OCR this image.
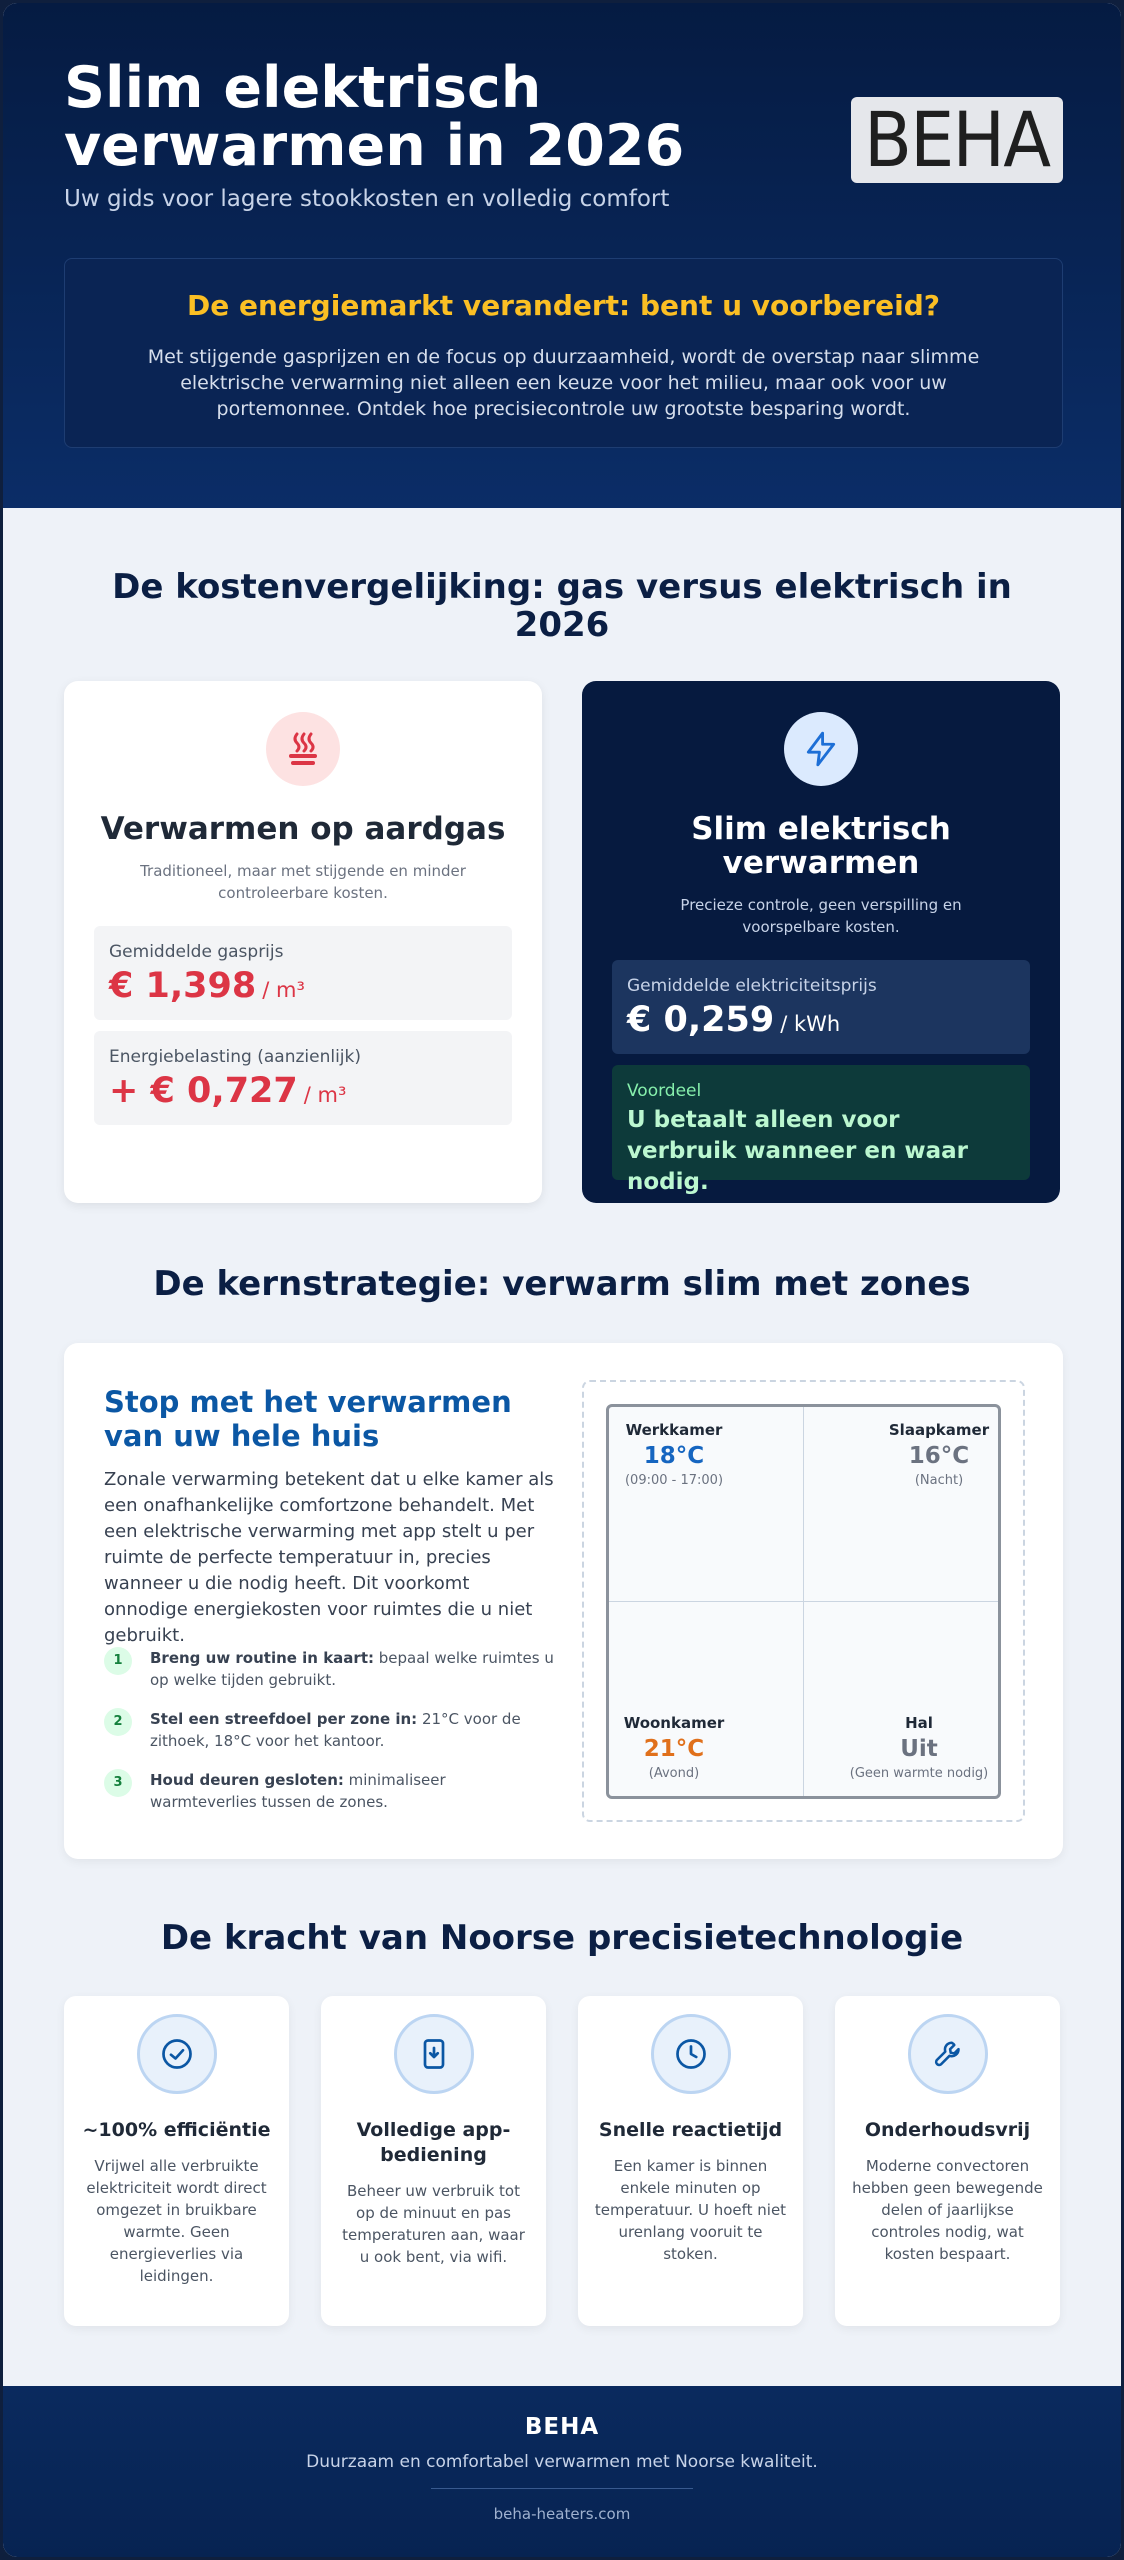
Slim elektrisch
verwarmen in 2026
Uw gids voor lagere stookkosten en volledig comfort
BEHA
De energiemarkt verandert: bent u voorbereid?

Met stijgende gasprijzen en de focus op duurzaamheid, wordt de overstap naar slimme elektrische verwarming niet alleen een keuze voor het milieu, maar ook voor uw portemonnee. Ontdek hoe precisiecontrole uw grootste besparing wordt.

De kostenvergelijking: gas versus elektrisch in 2026
Verwarmen op aardgas

Traditioneel, maar met stijgende en minder controleerbare kosten.

Gemiddelde gasprijs
€ 1,398 / m³
Energiebelasting (aanzienlijk)
+ € 0,727 / m³
Slim elektrisch verwarmen

Precieze controle, geen verspilling en voorspelbare kosten.

Gemiddelde elektriciteitsprijs
€ 0,259 / kWh
Voordeel
U betaalt alleen voor verbruik wanneer en waar nodig.
De kernstrategie: verwarm slim met zones
Stop met het verwarmen van uw hele huis

Zonale verwarming betekent dat u elke kamer als een onafhankelijke comfortzone behandelt. Met een elektrische verwarming met app stelt u per ruimte de perfecte temperatuur in, precies wanneer u die nodig heeft. Dit voorkomt onnodige energiekosten voor ruimtes die u niet gebruikt.

1	Breng uw routine in kaart: bepaal welke ruimtes u op welke tijden gebruikt.
2	Stel een streefdoel per zone in: 21°C voor de zithoek, 18°C voor het kantoor.
3	Houd deuren gesloten: minimaliseer warmteverlies tussen de zones.
Werkkamer
18°C
(09:00 - 17:00)
Slaapkamer
16°C
(Nacht)
Woonkamer
21°C
(Avond)
Hal
Uit
(Geen warmte nodig)
De kracht van Noorse precisietechnologie
~100% efficiëntie

Vrijwel alle verbruikte elektriciteit wordt direct omgezet in bruikbare warmte. Geen energieverlies via leidingen.

Volledige app-bediening

Beheer uw verbruik tot op de minuut en pas temperaturen aan, waar u ook bent, via wifi.

Snelle reactietijd

Een kamer is binnen enkele minuten op temperatuur. U hoeft niet urenlang vooruit te stoken.

Onderhoudsvrij

Moderne convectoren hebben geen bewegende delen of jaarlijkse controles nodig, wat kosten bespaart.

BEHA
Duurzaam en comfortabel verwarmen met Noorse kwaliteit.
beha-heaters.com
